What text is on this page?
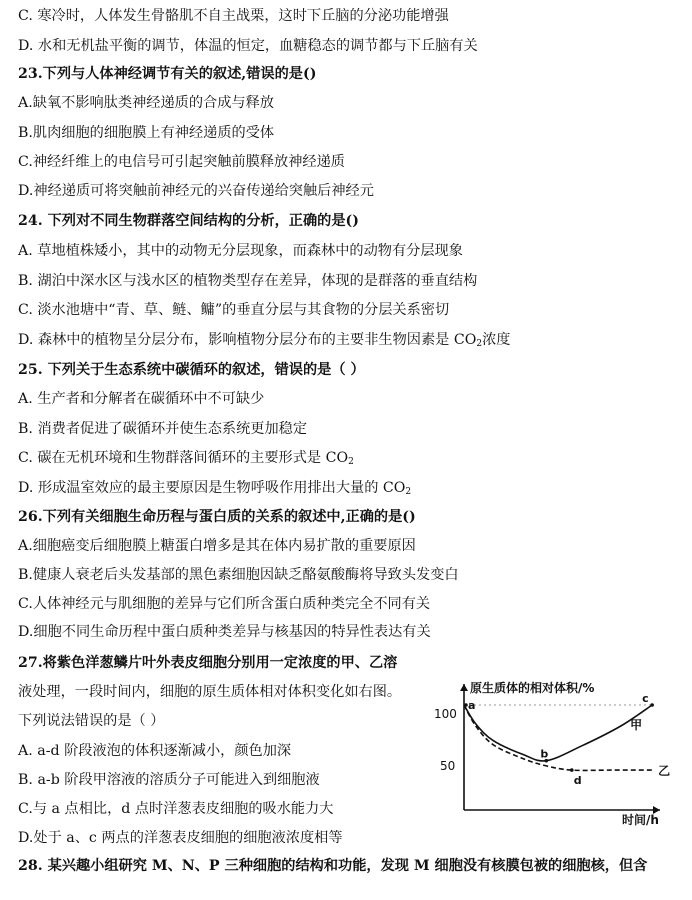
C. 寒冷时，人体发生骨骼肌不自主战栗，这时下丘脑的分泌功能增强
D. 水和无机盐平衡的调节，体温的恒定，血糖稳态的调节都与下丘脑有关
23.下列与人体神经调节有关的叙述,错误的是()
A.缺氧不影响肽类神经递质的合成与释放
B.肌肉细胞的细胞膜上有神经递质的受体
C.神经纤维上的电信号可引起突触前膜释放神经递质
D.神经递质可将突触前神经元的兴奋传递给突触后神经元
24. 下列对不同生物群落空间结构的分析，正确的是()
A. 草地植株矮小，其中的动物无分层现象，而森林中的动物有分层现象
B. 湖泊中深水区与浅水区的植物类型存在差异，体现的是群落的垂直结构
C. 淡水池塘中“青、草、鲢、鳙”的垂直分层与其食物的分层关系密切
D. 森林中的植物呈分层分布，影响植物分层分布的主要非生物因素是 $CO_2$浓度
25. 下列关于生态系统中碳循环的叙述，错误的是（ ）
A. 生产者和分解者在碳循环中不可缺少
B. 消费者促进了碳循环并使生态系统更加稳定
C. 碳在无机环境和生物群落间循环的主要形式是 $CO_2$
D. 形成温室效应的最主要原因是生物呼吸作用排出大量的 $CO_2$
26.下列有关细胞生命历程与蛋白质的关系的叙述中,正确的是()
A.细胞癌变后细胞膜上糖蛋白增多是其在体内易扩散的重要原因
B.健康人衰老后头发基部的黑色素细胞因缺乏酪氨酸酶将导致头发变白
C.人体神经元与肌细胞的差异与它们所含蛋白质种类完全不同有关
D.细胞不同生命历程中蛋白质种类差异与核基因的特异性表达有关
27.将紫色洋葱鳞片叶外表皮细胞分别用一定浓度的甲、乙溶
液处理，一段时间内，细胞的原生质体相对体积变化如右图。
下列说法错误的是（ ）
A. a-d 阶段液泡的体积逐渐减小，颜色加深
B. a-b 阶段甲溶液的溶质分子可能进入到细胞液
C.与 a 点相比，d 点时洋葱表皮细胞的吸水能力大
D.处于 a、c 两点的洋葱表皮细胞的细胞液浓度相等
28. 某兴趣小组研究 M、N、P 三种细胞的结构和功能，发现 M 细胞没有核膜包被的细胞核，但含
原生质体的相对体积/%
时间/h
100
50
甲
乙
a
b
c
d
